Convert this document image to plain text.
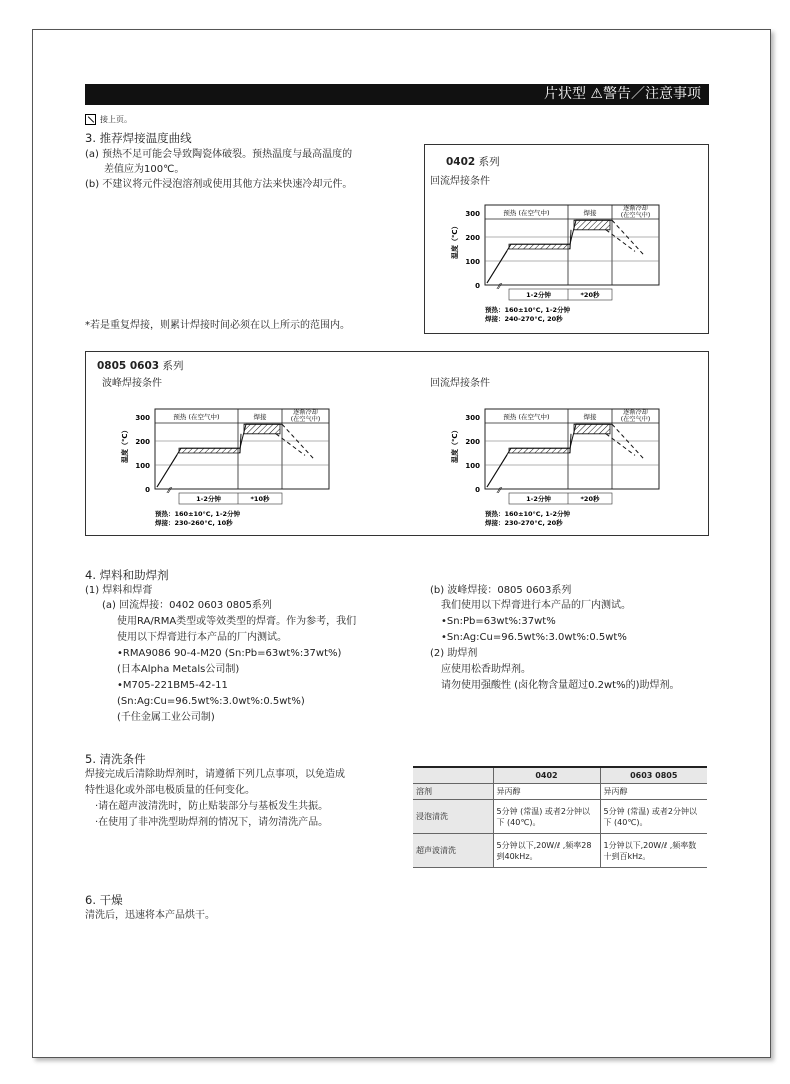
片状型 ⚠警告／注意事项
接上页。
3. 推荐焊接温度曲线
(a) 预热不足可能会导致陶瓷体破裂。预热温度与最高温度的
差值应为100℃。
(b) 不建议将元件浸泡溶剂或使用其他方法来快速冷却元件。
*若是重复焊接，则累计焊接时间必须在以上所示的范围内。
0402 系列
回流焊接条件
0805 0603 系列
波峰焊接条件	回流焊接条件
300
200
100
0
温度（℃）
预热 (在空气中)	焊接
逐渐冷却
(在空气中)
⁄⁄
1-2分钟	*20秒
预热：160±10°C, 1-2分钟
焊接：240-270°C, 20秒
300
200
100
0
温度（℃）
预热 (在空气中)	焊接
逐渐冷却
(在空气中)
⁄⁄
1-2分钟	*10秒
预热：160±10°C, 1-2分钟
焊接：230-260°C, 10秒
300
200
100
0
温度（℃）
预热 (在空气中)	焊接
逐渐冷却
(在空气中)
⁄⁄
1-2分钟	*20秒
预热：160±10°C, 1-2分钟
焊接：230-270°C, 20秒
4. 焊料和助焊剂
(1) 焊料和焊膏
(a) 回流焊接：0402 0603 0805系列
使用RA/RMA类型或等效类型的焊膏。作为参考，我们
使用以下焊膏进行本产品的厂内测试。
•RMA9086 90-4-M20 (Sn:Pb=63wt%:37wt%)
(日本Alpha Metals公司制)
•M705-221BM5-42-11
(Sn:Ag:Cu=96.5wt%:3.0wt%:0.5wt%)
(千住金属工业公司制)
(b) 波峰焊接：0805 0603系列
我们使用以下焊膏进行本产品的厂内测试。
•Sn:Pb=63wt%:37wt%
•Sn:Ag:Cu=96.5wt%:3.0wt%:0.5wt%
(2) 助焊剂
应使用松香助焊剂。
请勿使用强酸性 (卤化物含量超过0.2wt%的)助焊剂。
5. 清洗条件
焊接完成后清除助焊剂时，请遵循下列几点事项，以免造成
特性退化或外部电极质量的任何变化。
·请在超声波清洗时，防止贴装部分与基板发生共振。
·在使用了非冲洗型助焊剂的情况下，请勿清洗产品。
	0402	0603 0805
溶剂	异丙醇	异丙醇
浸泡清洗	5分钟 (常温) 或者2分钟以下 (40℃)。	5分钟 (常温) 或者2分钟以下 (40℃)。
超声波清洗	5分钟以下,20W/ℓ ,频率28到40kHz。	1分钟以下,20W/ℓ ,频率数十到百kHz。
6. 干燥
清洗后，迅速将本产品烘干。
